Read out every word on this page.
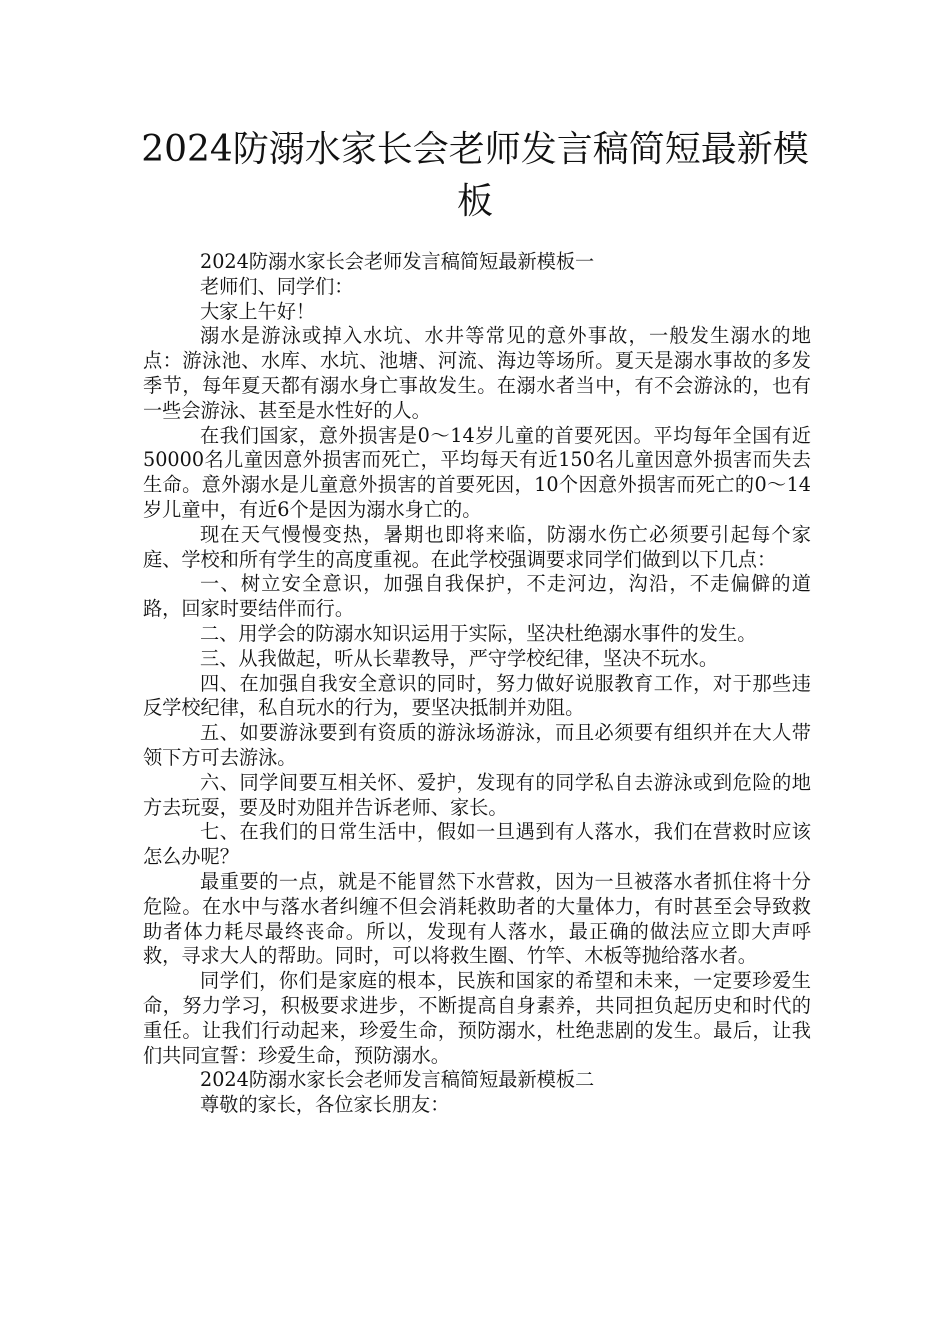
2024防溺水家长会老师发言稿简短最新模板

2024防溺水家长会老师发言稿简短最新模板一

老师们、同学们：

大家上午好！

溺水是游泳或掉入水坑、水井等常见的意外事故，一般发生溺水的地点：游泳池、水库、水坑、池塘、河流、海边等场所。夏天是溺水事故的多发季节，每年夏天都有溺水身亡事故发生。在溺水者当中，有不会游泳的，也有一些会游泳、甚至是水性好的人。

在我们国家，意外损害是0～14岁儿童的首要死因。平均每年全国有近50000名儿童因意外损害而死亡，平均每天有近150名儿童因意外损害而失去生命。意外溺水是儿童意外损害的首要死因，10个因意外损害而死亡的0～14岁儿童中，有近6个是因为溺水身亡的。

现在天气慢慢变热，暑期也即将来临，防溺水伤亡必须要引起每个家庭、学校和所有学生的高度重视。在此学校强调要求同学们做到以下几点：

一、树立安全意识，加强自我保护，不走河边，沟沿，不走偏僻的道路，回家时要结伴而行。

二、用学会的防溺水知识运用于实际，坚决杜绝溺水事件的发生。

三、从我做起，听从长辈教导，严守学校纪律，坚决不玩水。

四、在加强自我安全意识的同时，努力做好说服教育工作，对于那些违反学校纪律，私自玩水的行为，要坚决抵制并劝阻。

五、如要游泳要到有资质的游泳场游泳，而且必须要有组织并在大人带领下方可去游泳。

六、同学间要互相关怀、爱护，发现有的同学私自去游泳或到危险的地方去玩耍，要及时劝阻并告诉老师、家长。

七、在我们的日常生活中，假如一旦遇到有人落水，我们在营救时应该怎么办呢？

最重要的一点，就是不能冒然下水营救，因为一旦被落水者抓住将十分危险。在水中与落水者纠缠不但会消耗救助者的大量体力，有时甚至会导致救助者体力耗尽最终丧命。所以，发现有人落水，最正确的做法应立即大声呼救，寻求大人的帮助。同时，可以将救生圈、竹竿、木板等抛给落水者。

同学们，你们是家庭的根本，民族和国家的希望和未来，一定要珍爱生命，努力学习，积极要求进步，不断提高自身素养，共同担负起历史和时代的重任。让我们行动起来，珍爱生命，预防溺水，杜绝悲剧的发生。最后，让我们共同宣誓：珍爱生命，预防溺水。

2024防溺水家长会老师发言稿简短最新模板二

尊敬的家长，各位家长朋友：
